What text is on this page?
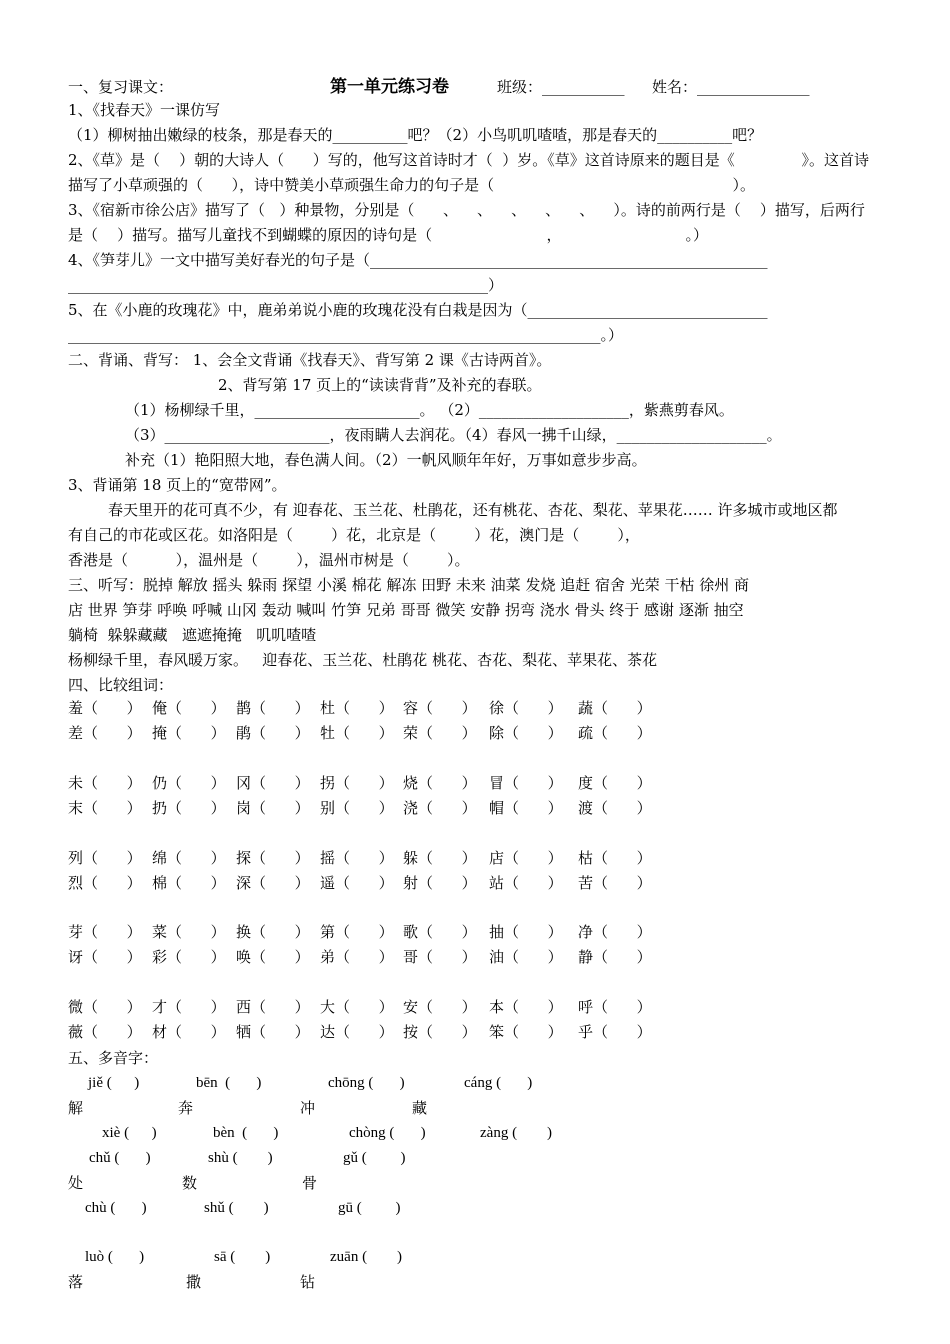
一、复习课文：	第一单元练习卷	班级：___________ 姓名：_______________
1、《找春天》一课仿写
（1）柳树抽出嫩绿的枝条，那是春天的__________吧？（2）小鸟叽叽喳喳，那是春天的__________吧？
2、《草》是（    ）朝的大诗人（      ）写的，他写这首诗时才（  ）岁。《草》这首诗原来的题目是《              》。这首诗
描写了小草顽强的（      ），诗中赞美小草顽强生命力的句子是（                                                  ）。
3、《宿新市徐公店》描写了（   ）种景物，分别是（      、    、    、    、    、    ）。诗的前两行是（    ）描写，后两行
是（    ）描写。描写儿童找不到蝴蝶的原因的诗句是（                        ，                          。）
4、《笋芽儿》一文中描写美好春光的句子是（_____________________________________________________
________________________________________________________）
5、在《小鹿的玫瑰花》中，鹿弟弟说小鹿的玫瑰花没有白栽是因为（________________________________
_______________________________________________________________________。）
二、背诵、背写： 1、会全文背诵《找春天》、背写第 2 课《古诗两首》。
2、背写第 17 页上的“读读背背”及补充的春联。
（1）杨柳绿千里，______________________。 （2）____________________，紫燕剪春风。
（3）______________________，夜雨瞒人去润花。（4）春风一拂千山绿，____________________。
补充（1）艳阳照大地，春色满人间。（2）一帆风顺年年好，万事如意步步高。
3、背诵第 18 页上的“宽带网”。
春天里开的花可真不少，有 迎春花、玉兰花、杜鹃花，还有桃花、杏花、梨花、苹果花…… 许多城市或地区都
有自己的市花或区花。如洛阳是（        ）花，北京是（        ）花，澳门是（        ），
香港是（          ），温州是（        ），温州市树是（        ）。
三、听写：脱掉 解放 摇头 躲雨 探望 小溪 棉花 解冻 田野 未来 油菜 发烧 追赶 宿舍 光荣 干枯 徐州 商
店 世界 笋芽 呼唤 呼喊 山冈 轰动 喊叫 竹笋 兄弟 哥哥 微笑 安静 拐弯 浇水 骨头 终于 感谢 逐渐 抽空
躺椅  躲躲藏藏   遮遮掩掩   叽叽喳喳
杨柳绿千里，春风暖万家。   迎春花、玉兰花、杜鹃花 桃花、杏花、梨花、苹果花、茶花
四、比较组词：
羞（      ） 俺（      ） 鹊（      ） 杜（      ） 容（      ） 徐（      ） 蔬（      ）
差（      ） 掩（      ） 鹃（      ） 牡（      ） 荣（      ） 除（      ） 疏（      ）
未（      ） 仍（      ） 冈（      ） 拐（      ） 烧（      ） 冒（      ） 度（      ）
末（      ） 扔（      ） 岗（      ） 别（      ） 浇（      ） 帽（      ） 渡（      ）
列（      ） 绵（      ） 探（      ） 摇（      ） 躲（      ） 店（      ） 枯（      ）
烈（      ） 棉（      ） 深（      ） 遥（      ） 射（      ） 站（      ） 苦（      ）
芽（      ） 菜（      ） 换（      ） 第（      ） 歌（      ） 抽（      ） 净（      ）
讶（      ） 彩（      ） 唤（      ） 弟（      ） 哥（      ） 油（      ） 静（      ）
微（      ） 才（      ） 西（      ） 大（      ） 安（      ） 本（      ） 呼（      ）
薇（      ） 材（      ） 牺（      ） 达（      ） 按（      ） 笨（      ） 乎（      ）
五、多音字：
jiě (      )	bēn  (       )	chōng (       )	cáng (       )
解	奔	冲	藏
xiè (      )	bèn  (       )	chòng (       )	zàng (        )
chǔ (       )	shù (        )	gǔ (         )
处	数	骨
chù (       )	shǔ (        )	gū (         )
luò (       )	sā (        )	zuān (        )
落	撒	钻
